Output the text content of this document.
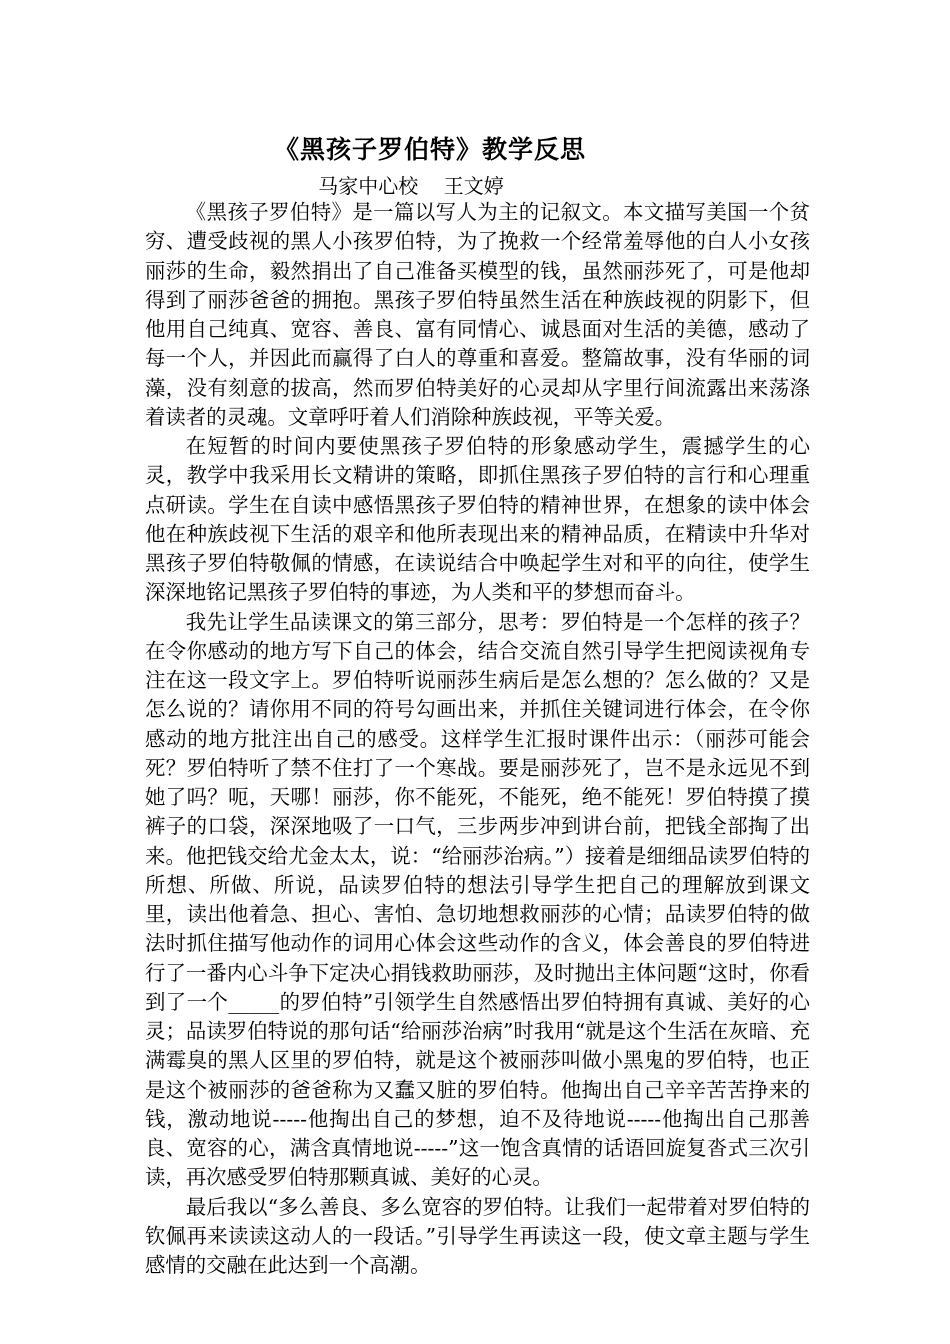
《黑孩子罗伯特》教学反思
马家中心校    王文婷

《黑孩子罗伯特》是一篇以写人为主的记叙文。本文描写美国一个贫穷、遭受歧视的黑人小孩罗伯特，为了挽救一个经常羞辱他的白人小女孩丽莎的生命，毅然捐出了自己准备买模型的钱，虽然丽莎死了，可是他却得到了丽莎爸爸的拥抱。黑孩子罗伯特虽然生活在种族歧视的阴影下，但他用自己纯真、宽容、善良、富有同情心、诚恳面对生活的美德，感动了每一个人，并因此而赢得了白人的尊重和喜爱。整篇故事，没有华丽的词藻，没有刻意的拔高，然而罗伯特美好的心灵却从字里行间流露出来荡涤着读者的灵魂。文章呼吁着人们消除种族歧视，平等关爱。

在短暂的时间内要使黑孩子罗伯特的形象感动学生，震撼学生的心灵，教学中我采用长文精讲的策略，即抓住黑孩子罗伯特的言行和心理重点研读。学生在自读中感悟黑孩子罗伯特的精神世界，在想象的读中体会他在种族歧视下生活的艰辛和他所表现出来的精神品质，在精读中升华对黑孩子罗伯特敬佩的情感，在读说结合中唤起学生对和平的向往，使学生深深地铭记黑孩子罗伯特的事迹，为人类和平的梦想而奋斗。

我先让学生品读课文的第三部分，思考：罗伯特是一个怎样的孩子？在令你感动的地方写下自己的体会，结合交流自然引导学生把阅读视角专注在这一段文字上。罗伯特听说丽莎生病后是怎么想的？怎么做的？又是怎么说的？请你用不同的符号勾画出来，并抓住关键词进行体会，在令你感动的地方批注出自己的感受。这样学生汇报时课件出示：（丽莎可能会死？罗伯特听了禁不住打了一个寒战。要是丽莎死了，岂不是永远见不到她了吗？呃，天哪！丽莎，你不能死，不能死，绝不能死！罗伯特摸了摸裤子的口袋，深深地吸了一口气，三步两步冲到讲台前，把钱全部掏了出来。他把钱交给尤金太太，说：“给丽莎治病。”）接着是细细品读罗伯特的所想、所做、所说，品读罗伯特的想法引导学生把自己的理解放到课文里，读出他着急、担心、害怕、急切地想救丽莎的心情；品读罗伯特的做法时抓住描写他动作的词用心体会这些动作的含义，体会善良的罗伯特进行了一番内心斗争下定决心捐钱救助丽莎，及时抛出主体问题“这时，你看到了一个_____的罗伯特”引领学生自然感悟出罗伯特拥有真诚、美好的心灵；品读罗伯特说的那句话“给丽莎治病”时我用“就是这个生活在灰暗、充满霉臭的黑人区里的罗伯特，就是这个被丽莎叫做小黑鬼的罗伯特，也正是这个被丽莎的爸爸称为又蠢又脏的罗伯特。他掏出自己辛辛苦苦挣来的钱，激动地说-----他掏出自己的梦想，迫不及待地说-----他掏出自己那善良、宽容的心，满含真情地说-----”这一饱含真情的话语回旋复沓式三次引读，再次感受罗伯特那颗真诚、美好的心灵。

最后我以“多么善良、多么宽容的罗伯特。让我们一起带着对罗伯特的钦佩再来读读这动人的一段话。”引导学生再读这一段，使文章主题与学生感情的交融在此达到一个高潮。
